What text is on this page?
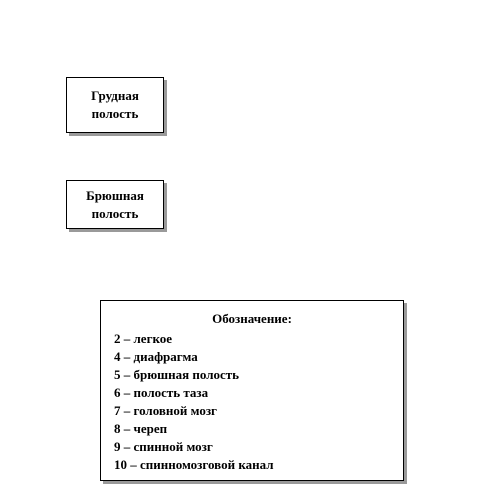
Грудная
полость
Брюшная
полость
Обозначение:
2 – легкое
4 – диафрагма
5 – брюшная полость
6 – полость таза
7 – головной мозг
8 – череп
9 – спинной мозг
10 – спинномозговой канал
